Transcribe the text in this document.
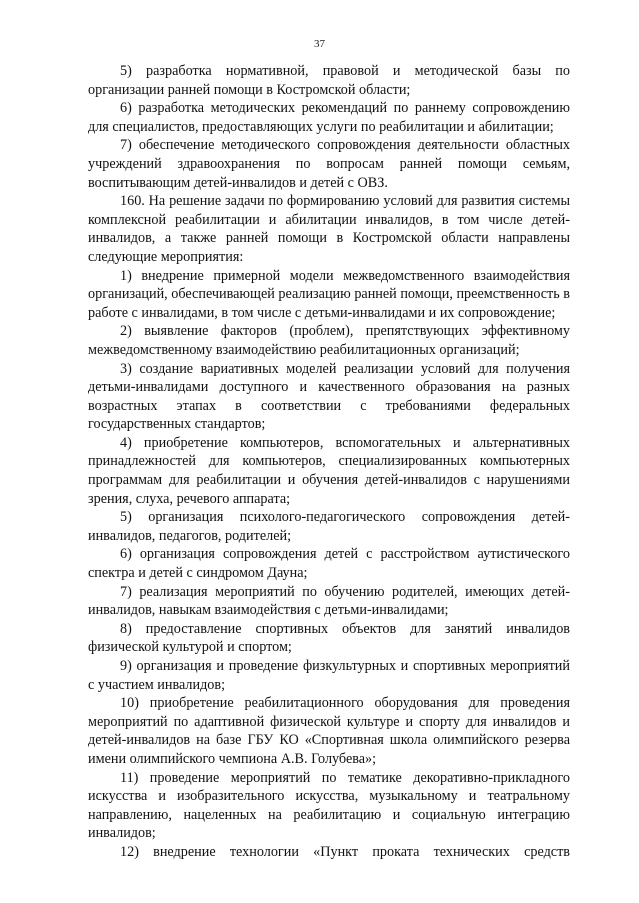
37

5) разработка нормативной, правовой и методической базы по организации ранней помощи в Костромской области;

6) разработка методических рекомендаций по раннему сопровождению для специалистов, предоставляющих услуги по реабилитации и абилитации;

7) обеспечение методического сопровождения деятельности областных учреждений здравоохранения по вопросам ранней помощи семьям, воспитывающим детей-инвалидов и детей с ОВЗ.

160. На решение задачи по формированию условий для развития системы комплексной реабилитации и абилитации инвалидов, в том числе детей-инвалидов, а также ранней помощи в Костромской области направлены следующие мероприятия:

1) внедрение примерной модели межведомственного взаимодействия организаций, обеспечивающей реализацию ранней помощи, преемственность в работе с инвалидами, в том числе с детьми-инвалидами и их сопровождение;

2) выявление факторов (проблем), препятствующих эффективному межведомственному взаимодействию реабилитационных организаций;

3) создание вариативных моделей реализации условий для получения детьми-инвалидами доступного и качественного образования на разных возрастных этапах в соответствии с требованиями федеральных государственных стандартов;

4) приобретение компьютеров, вспомогательных и альтернативных принадлежностей для компьютеров, специализированных компьютерных программам для реабилитации и обучения детей-инвалидов с нарушениями зрения, слуха, речевого аппарата;

5) организация психолого-педагогического сопровождения детей-инвалидов, педагогов, родителей;

6) организация сопровождения детей с расстройством аутистического спектра и детей с синдромом Дауна;

7) реализация мероприятий по обучению родителей, имеющих детей-инвалидов, навыкам взаимодействия с детьми-инвалидами;

8) предоставление спортивных объектов для занятий инвалидов физической культурой и спортом;

9) организация и проведение физкультурных и спортивных мероприятий с участием инвалидов;

10) приобретение реабилитационного оборудования для проведения мероприятий по адаптивной физической культуре и спорту для инвалидов и детей-инвалидов на базе ГБУ КО «Спортивная школа олимпийского резерва имени олимпийского чемпиона А.В. Голубева»;

11) проведение мероприятий по тематике декоративно-прикладного искусства и изобразительного искусства, музыкальному и театральному направлению, нацеленных на реабилитацию и социальную интеграцию инвалидов;

12) внедрение технологии «Пункт проката технических средств
